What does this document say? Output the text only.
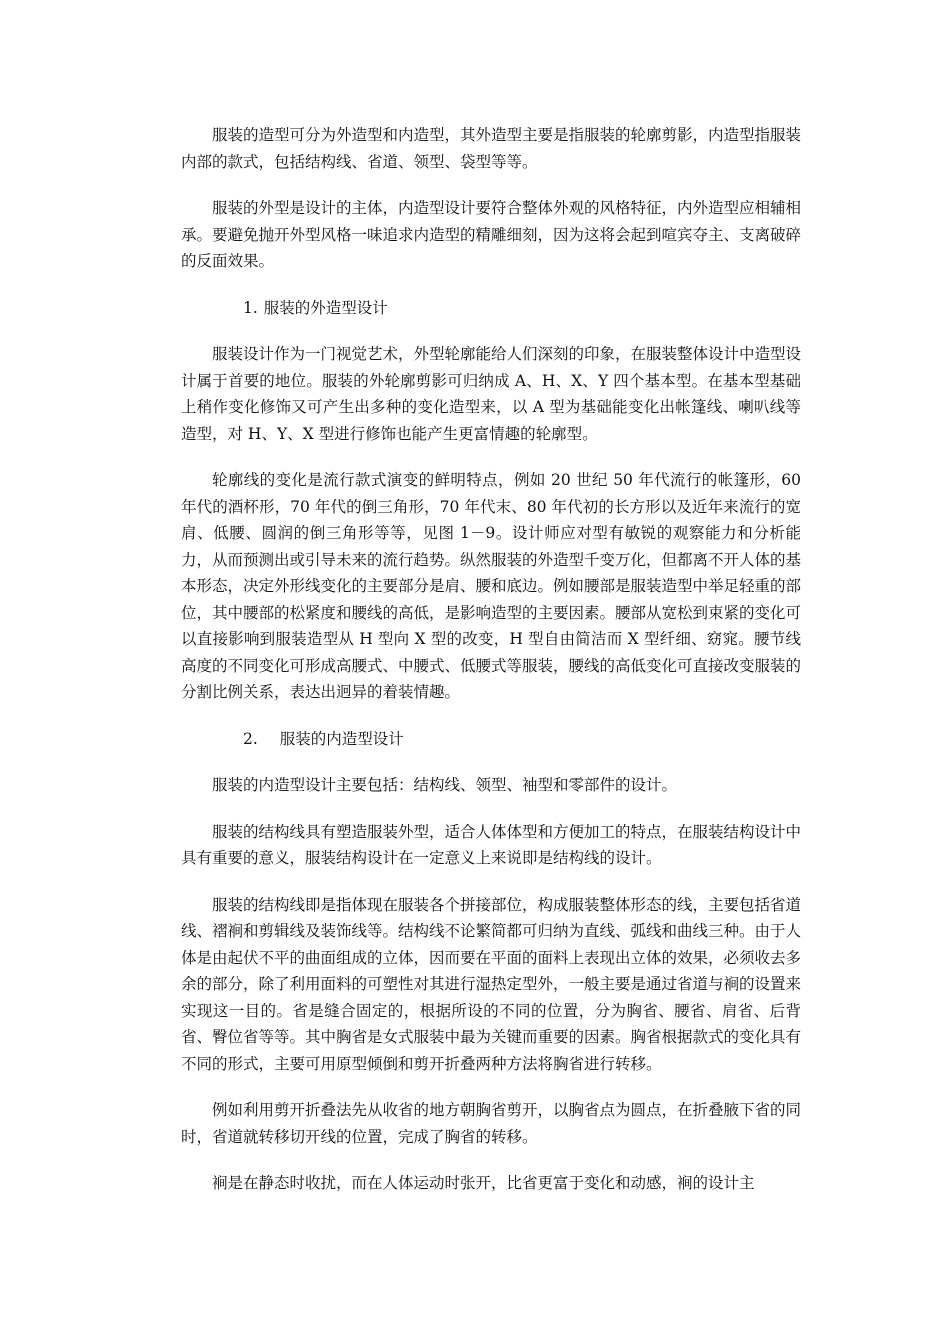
服装的造型可分为外造型和内造型，其外造型主要是指服装的轮廓剪影，内造型指服装内部的款式，包括结构线、省道、领型、袋型等等。

服装的外型是设计的主体，内造型设计要符合整体外观的风格特征，内外造型应相辅相承。要避免抛开外型风格一味追求内造型的精雕细刻，因为这将会起到喧宾夺主、支离破碎的反面效果。

1. 服装的外造型设计

服装设计作为一门视觉艺术，外型轮廓能给人们深刻的印象，在服装整体设计中造型设计属于首要的地位。服装的外轮廓剪影可归纳成 A、H、X、Y 四个基本型。在基本型基础上稍作变化修饰又可产生出多种的变化造型来，以 A 型为基础能变化出帐篷线、喇叭线等造型，对 H、Y、X 型进行修饰也能产生更富情趣的轮廓型。

轮廓线的变化是流行款式演变的鲜明特点，例如 20 世纪 50 年代流行的帐篷形，60 年代的酒杯形，70 年代的倒三角形，70 年代末、80 年代初的长方形以及近年来流行的宽肩、低腰、圆润的倒三角形等等，见图 1－9。设计师应对型有敏锐的观察能力和分析能力，从而预测出或引导未来的流行趋势。纵然服装的外造型千变万化，但都离不开人体的基本形态，决定外形线变化的主要部分是肩、腰和底边。例如腰部是服装造型中举足轻重的部位，其中腰部的松紧度和腰线的高低，是影响造型的主要因素。腰部从宽松到束紧的变化可以直接影响到服装造型从 H 型向 X 型的改变，H 型自由简洁而 X 型纤细、窈窕。腰节线高度的不同变化可形成高腰式、中腰式、低腰式等服装，腰线的高低变化可直接改变服装的分割比例关系，表达出迥异的着装情趣。

2. 服装的内造型设计

服装的内造型设计主要包括：结构线、领型、袖型和零部件的设计。

服装的结构线具有塑造服装外型，适合人体体型和方便加工的特点，在服装结构设计中具有重要的意义，服装结构设计在一定意义上来说即是结构线的设计。

服装的结构线即是指体现在服装各个拼接部位，构成服装整体形态的线，主要包括省道线、褶裥和剪辑线及装饰线等。结构线不论繁简都可归纳为直线、弧线和曲线三种。由于人体是由起伏不平的曲面组成的立体，因而要在平面的面料上表现出立体的效果，必须收去多余的部分，除了利用面料的可塑性对其进行湿热定型外，一般主要是通过省道与裥的设置来实现这一目的。省是缝合固定的，根据所设的不同的位置，分为胸省、腰省、肩省、后背省、臀位省等等。其中胸省是女式服装中最为关键而重要的因素。胸省根据款式的变化具有不同的形式，主要可用原型倾倒和剪开折叠两种方法将胸省进行转移。

例如利用剪开折叠法先从收省的地方朝胸省剪开，以胸省点为圆点，在折叠腋下省的同时，省道就转移切开线的位置，完成了胸省的转移。

裥是在静态时收扰，而在人体运动时张开，比省更富于变化和动感，裥的设计主
